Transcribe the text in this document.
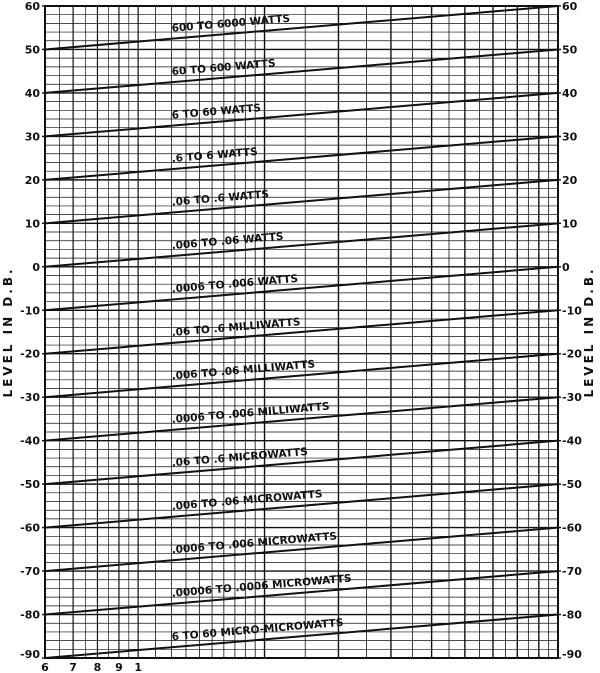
600 TO 6000 WATTS
60 TO 600 WATTS
6 TO 60 WATTS
.6 TO 6 WATTS
.06 TO .6 WATTS
.006 TO .06 WATTS
.0006 TO .006 WATTS
.06 TO .6 MILLIWATTS
.006 TO .06 MILLIWATTS
.0006 TO .006 MILLIWATTS
.06 TO .6 MICROWATTS
.006 TO .06 MICROWATTS
.0006 TO .006 MICROWATTS
.00006 TO .0006 MICROWATTS
6 TO 60 MICRO-MICROWATTS
60
50
40
30
20
10
0
-10
-20
-30
-40
-50
-60
-70
-80
-90
60
50
40
30
20
10
0
-10
-20
-30
-40
-50
-60
-70
-80
-90
6 7 8 9 1
LEVEL IN D.B.	LEVEL IN D.B.
